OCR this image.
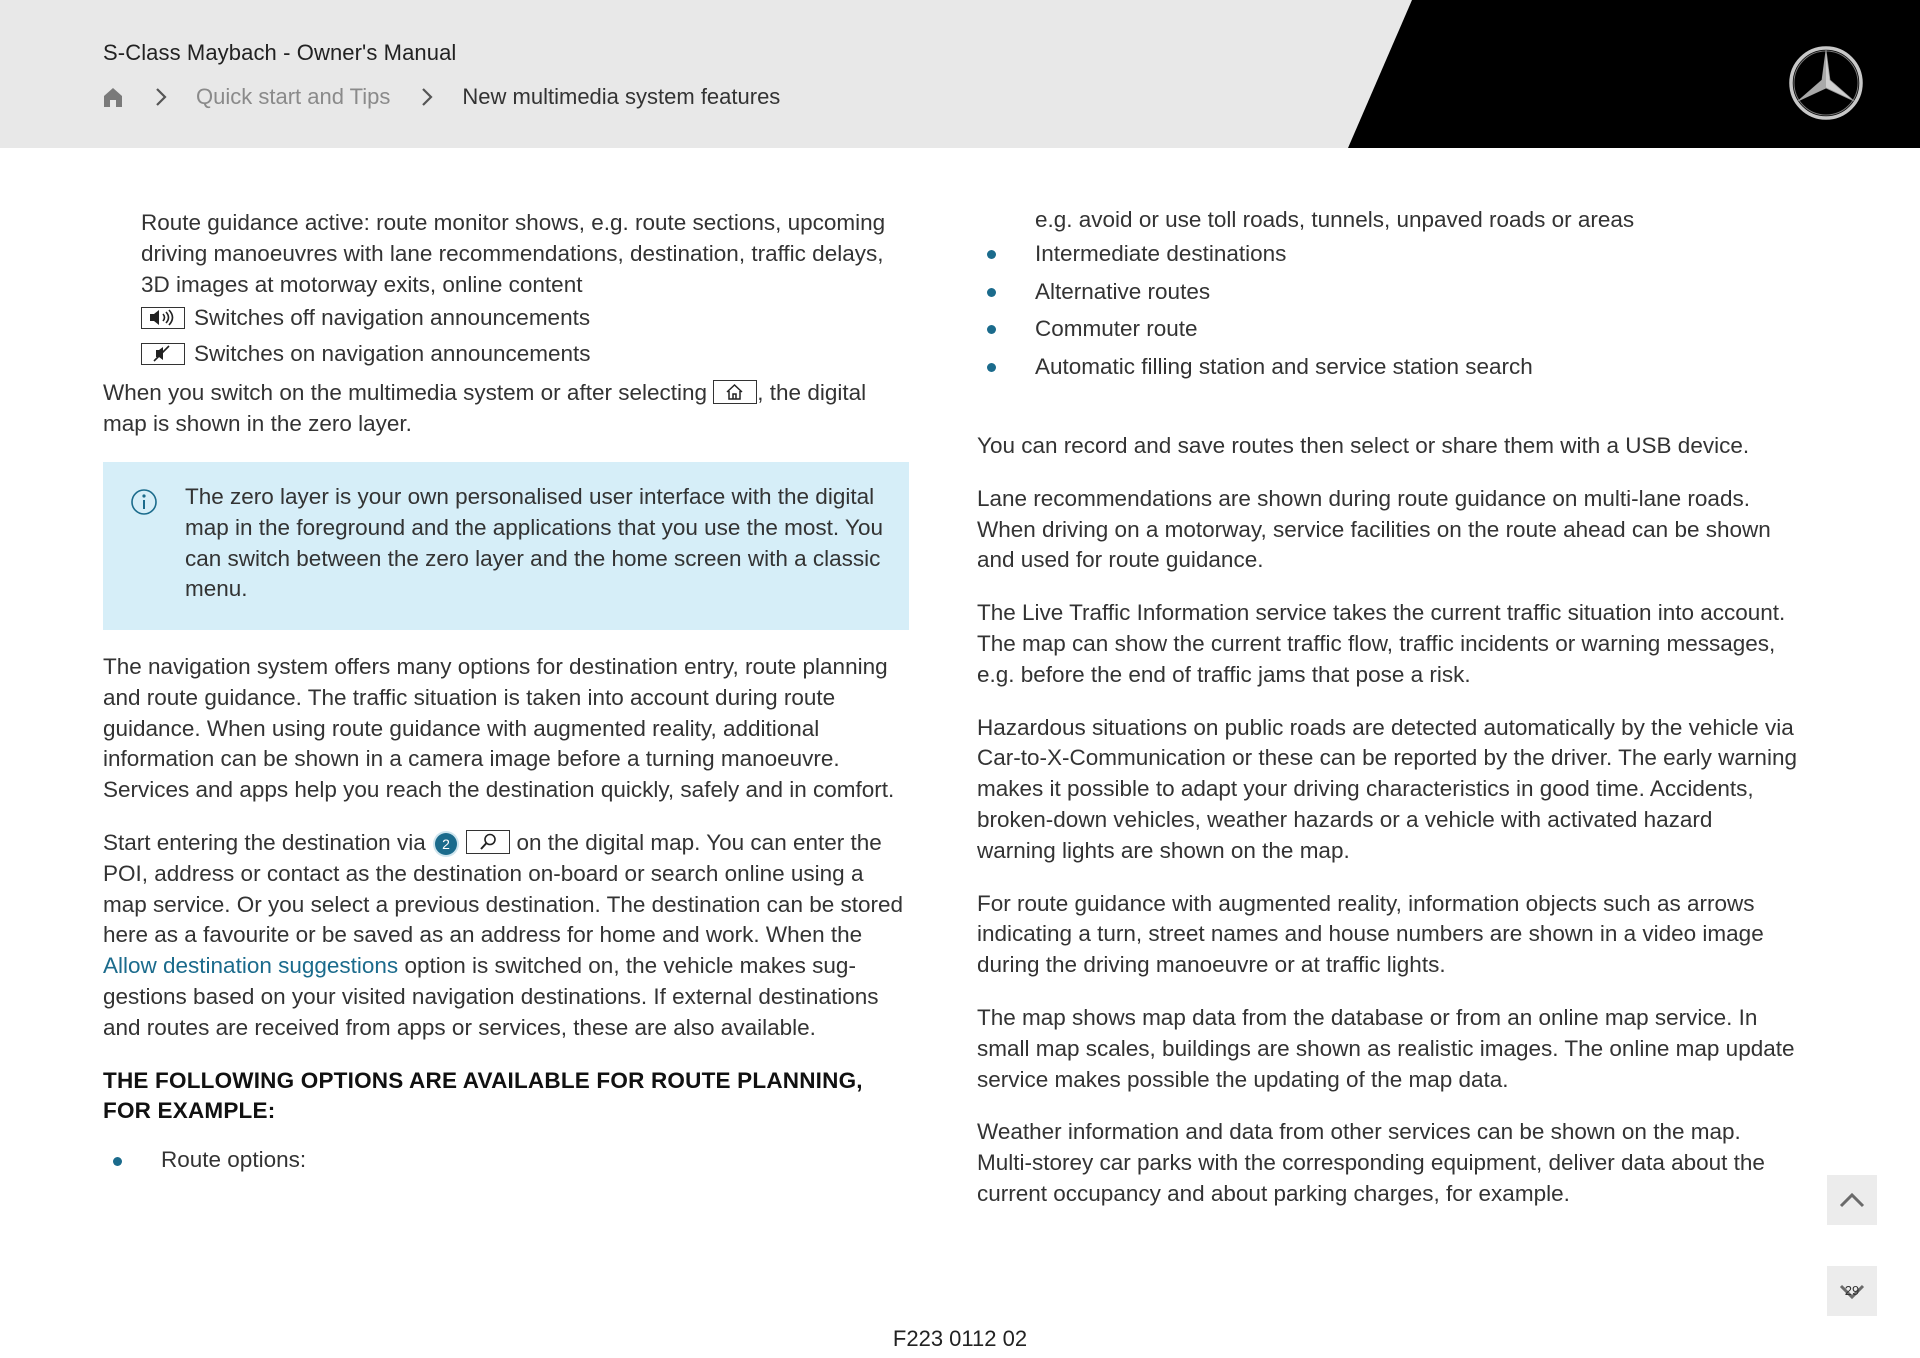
S-Class Maybach - Owner's Manual
Quick start and Tips	New multimedia system features

Route guidance active: route monitor shows, e.g. route sections, upcoming driving manoeuvres with lane recommendations, destination, traffic delays, 3D images at motorway exits, online content

Switches off navigation announcements
Switches on navigation announcements

When you switch on the multimedia system or after selecting , the digital map is shown in the zero layer.

The zero layer is your own personalised user interface with the digital map in the foreground and the applications that you use the most. You can switch between the zero layer and the home screen with a classic menu.

The navigation system offers many options for destination entry, route planning and route guidance. The traffic situation is taken into account during route guidance. When using route guidance with augmented reality, additional information can be shown in a camera image before a turning manoeuvre. Services and apps help you reach the destination quickly, safely and in comfort.

Start entering the destination via 2	on the digital map. You can enter the POI, address or contact as the destination on-board or search online using a map service. Or you select a previous destination. The destination can be stored here as a favourite or be saved as an address for home and work. When the Allow destination suggestions option is switched on, the vehicle makes suggestions based on your visited navigation destinations. If external destinations and routes are received from apps or services, these are also available.

THE FOLLOWING OPTIONS ARE AVAILABLE FOR ROUTE PLANNING, FOR EXAMPLE:
Route options:
e.g. avoid or use toll roads, tunnels, unpaved roads or areas
Intermediate destinations
Alternative routes
Commuter route
Automatic filling station and service station search

You can record and save routes then select or share them with a USB device.

Lane recommendations are shown during route guidance on multi-lane roads. When driving on a motorway, service facilities on the route ahead can be shown and used for route guidance.

The Live Traffic Information service takes the current traffic situation into account. The map can show the current traffic flow, traffic incidents or warning messages, e.g. before the end of traffic jams that pose a risk.

Hazardous situations on public roads are detected automatically by the vehicle via Car-to-X-Communication or these can be reported by the driver. The early warning makes it possible to adapt your driving characteristics in good time. Accidents, broken-down vehicles, weather hazards or a vehicle with activated hazard warning lights are shown on the map.

For route guidance with augmented reality, information objects such as arrows indicating a turn, street names and house numbers are shown in a video image during the driving manoeuvre or at traffic lights.

The map shows map data from the database or from an online map service. In small map scales, buildings are shown as realistic images. The online map update service makes possible the updating of the map data.

Weather information and data from other services can be shown on the map. Multi-storey car parks with the corresponding equipment, deliver data about the current occupancy and about parking charges, for example.

29
F223 0112 02
